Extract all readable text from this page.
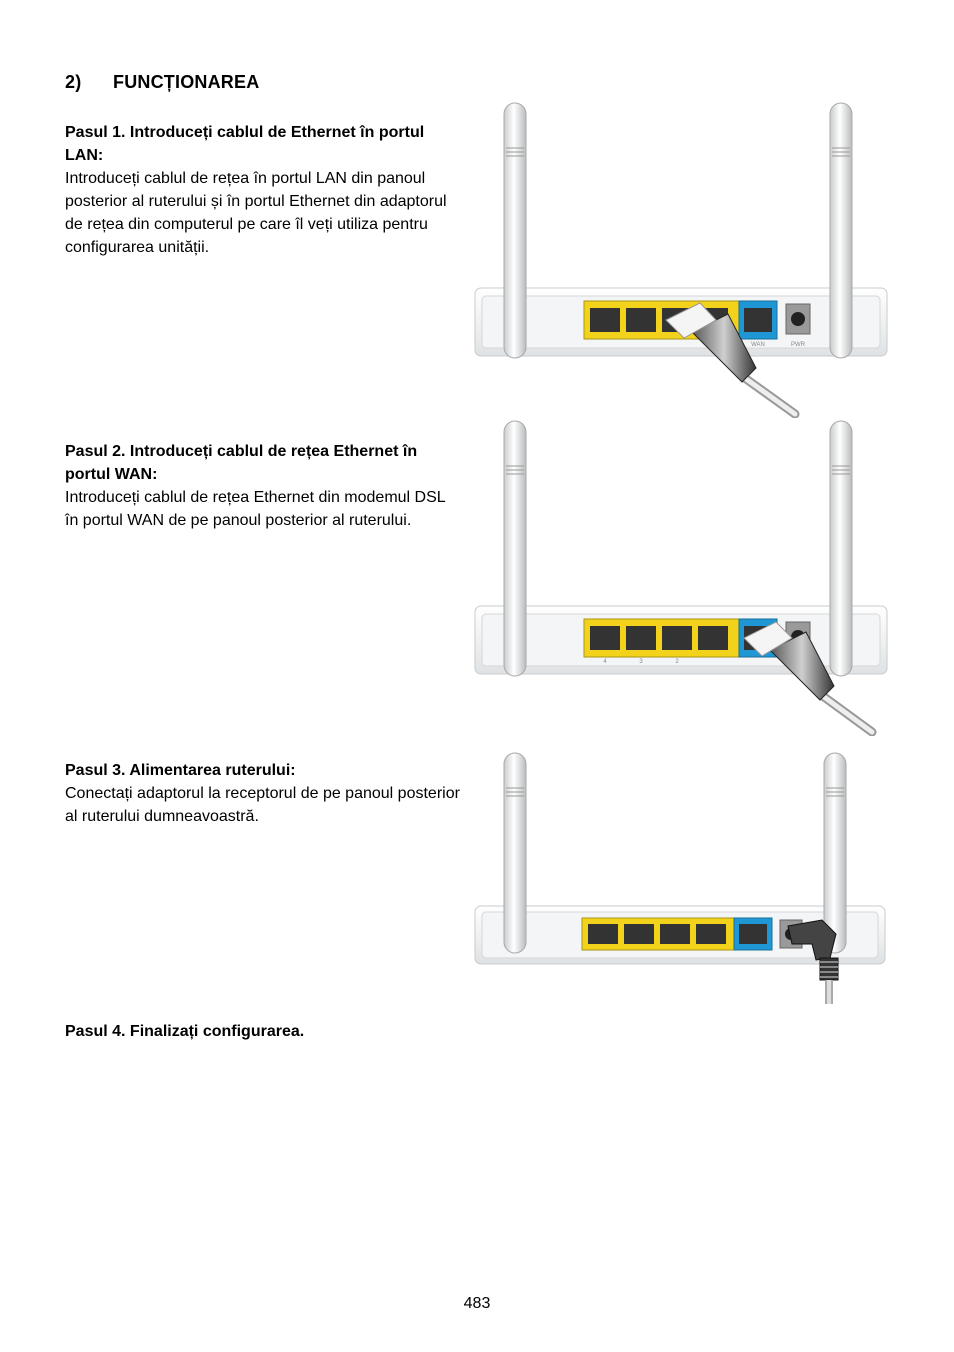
2) FUNCȚIONAREA
Pasul 1. Introduceți cablul de Ethernet în portul LAN:
Introduceți cablul de rețea în portul LAN din panoul posterior al ruterului și în portul Ethernet din adaptorul de rețea din computerul pe care îl veți utiliza pentru configurarea unității.
Pasul 2. Introduceți cablul de rețea Ethernet în portul WAN:
Introduceți cablul de rețea Ethernet din modemul DSL în portul WAN de pe panoul posterior al ruterului.
Pasul 3. Alimentarea ruterului:
Conectați adaptorul la receptorul de pe panoul posterior al ruterului dumneavoastră.
Pasul 4. Finalizați configurarea.
WAN	PWR
4	3	2
483
